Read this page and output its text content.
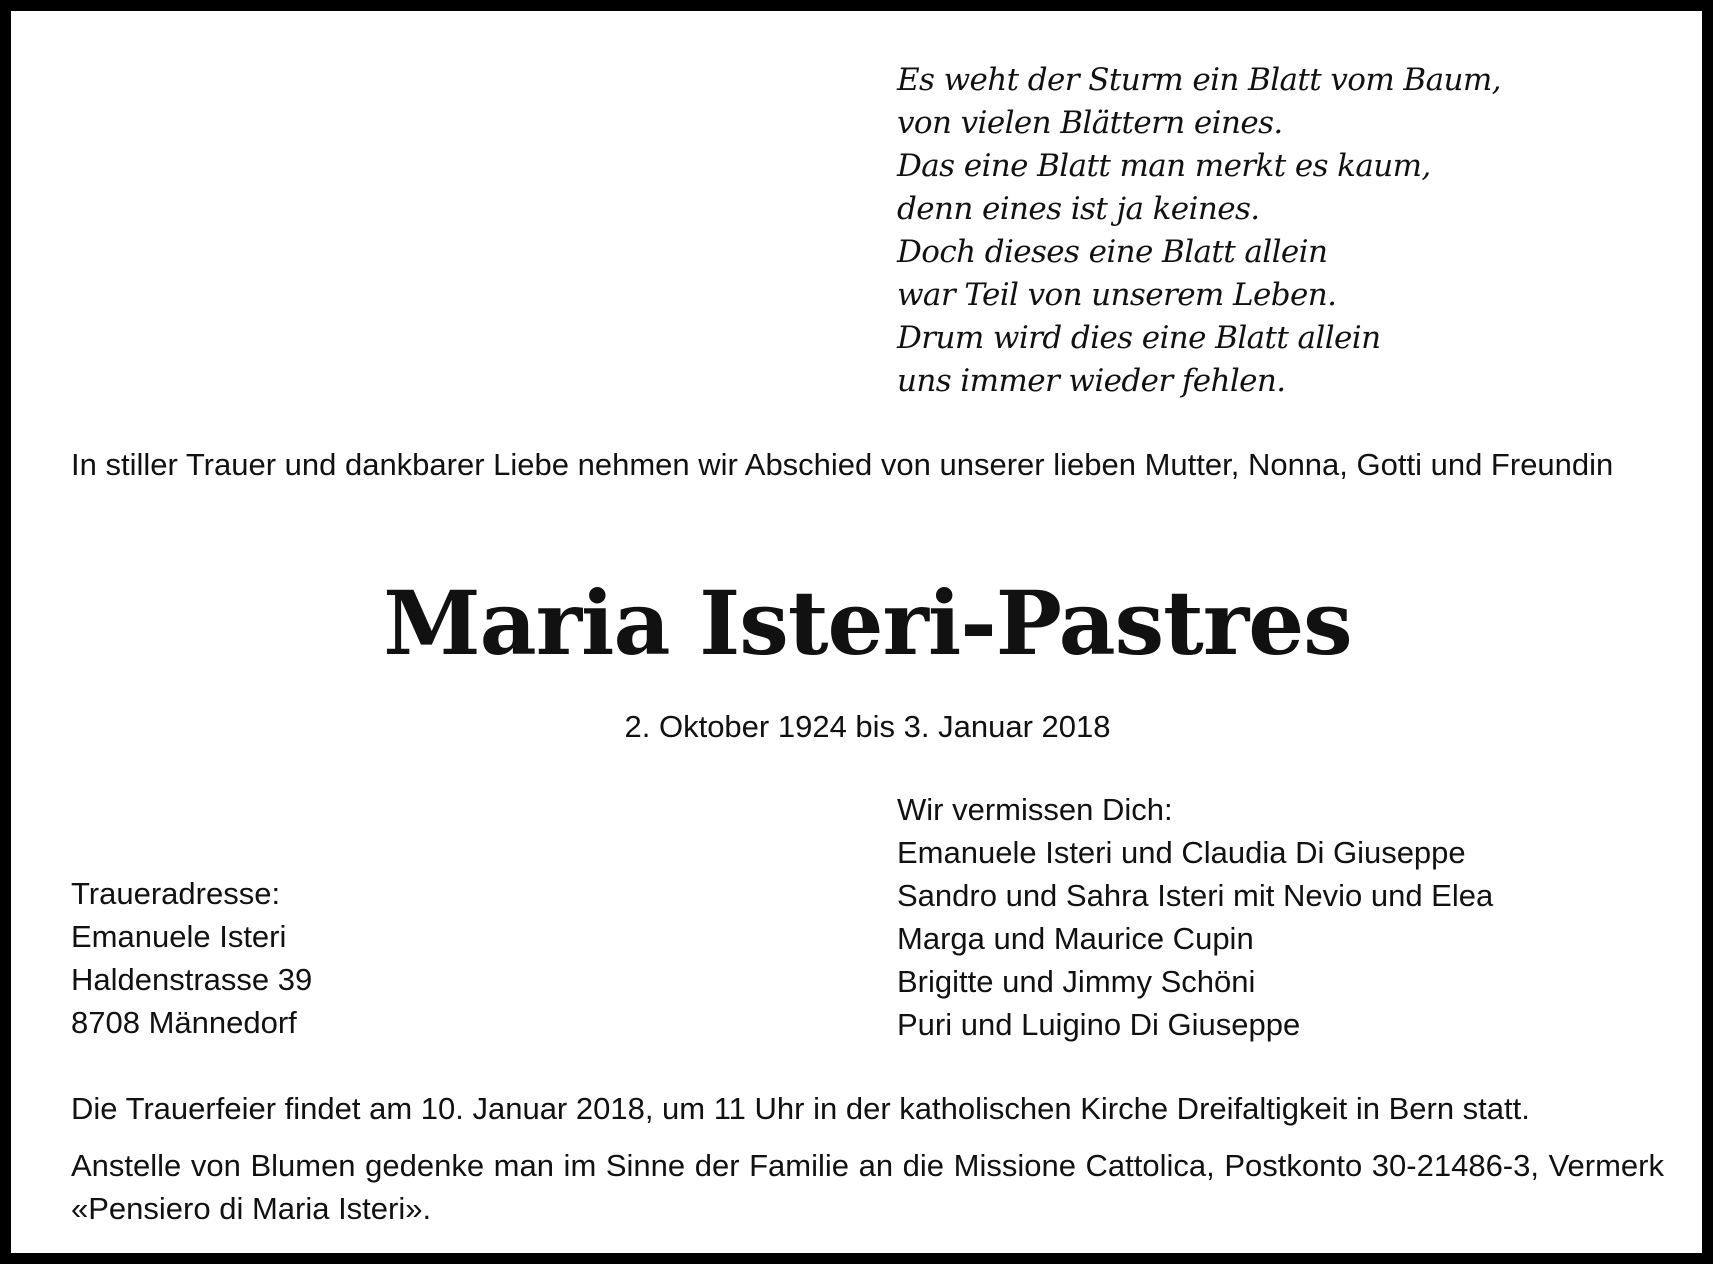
Es weht der Sturm ein Blatt vom Baum,
von vielen Blättern eines.
Das eine Blatt man merkt es kaum,
denn eines ist ja keines.
Doch dieses eine Blatt allein
war Teil von unserem Leben.
Drum wird dies eine Blatt allein
uns immer wieder fehlen.

In stiller Trauer und dankbarer Liebe nehmen wir Abschied von unserer lieben Mutter, Nonna, Gotti und Freundin

Maria Isteri-Pastres

2. Oktober 1924 bis 3. Januar 2018

Traueradresse:
Emanuele Isteri
Haldenstrasse 39
8708 Männedorf
Wir vermissen Dich:
Emanuele Isteri und Claudia Di Giuseppe
Sandro und Sahra Isteri mit Nevio und Elea
Marga und Maurice Cupin
Brigitte und Jimmy Schöni
Puri und Luigino Di Giuseppe

Die Trauerfeier findet am 10. Januar 2018, um 11 Uhr in der katholischen Kirche Dreifaltigkeit in Bern statt.

Anstelle von Blumen gedenke man im Sinne der Familie an die Missione Cattolica, Postkonto 30-21486-3, Vermerk «Pensiero di Maria Isteri».
